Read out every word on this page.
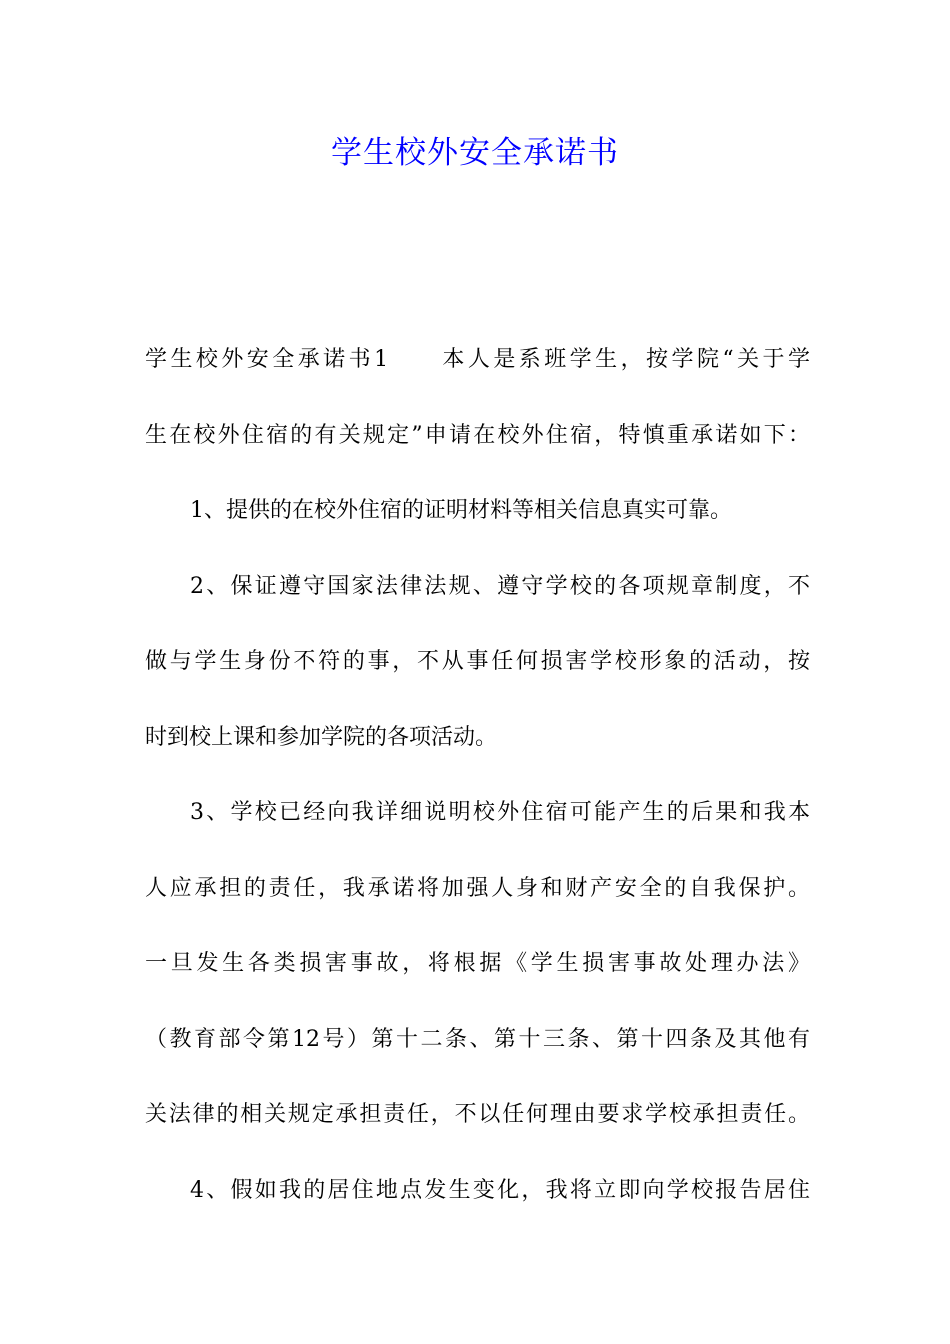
学生校外安全承诺书
学生校外安全承诺书1　　本人是系班学生，按学院“关于学
生在校外住宿的有关规定”申请在校外住宿，特慎重承诺如下：
1、提供的在校外住宿的证明材料等相关信息真实可靠。
2、保证遵守国家法律法规、遵守学校的各项规章制度，不
做与学生身份不符的事，不从事任何损害学校形象的活动，按
时到校上课和参加学院的各项活动。
3、学校已经向我详细说明校外住宿可能产生的后果和我本
人应承担的责任，我承诺将加强人身和财产安全的自我保护。
一旦发生各类损害事故，将根据《学生损害事故处理办法》
（教育部令第12号）第十二条、第十三条、第十四条及其他有
关法律的相关规定承担责任，不以任何理由要求学校承担责任。
4、假如我的居住地点发生变化，我将立即向学校报告居住
